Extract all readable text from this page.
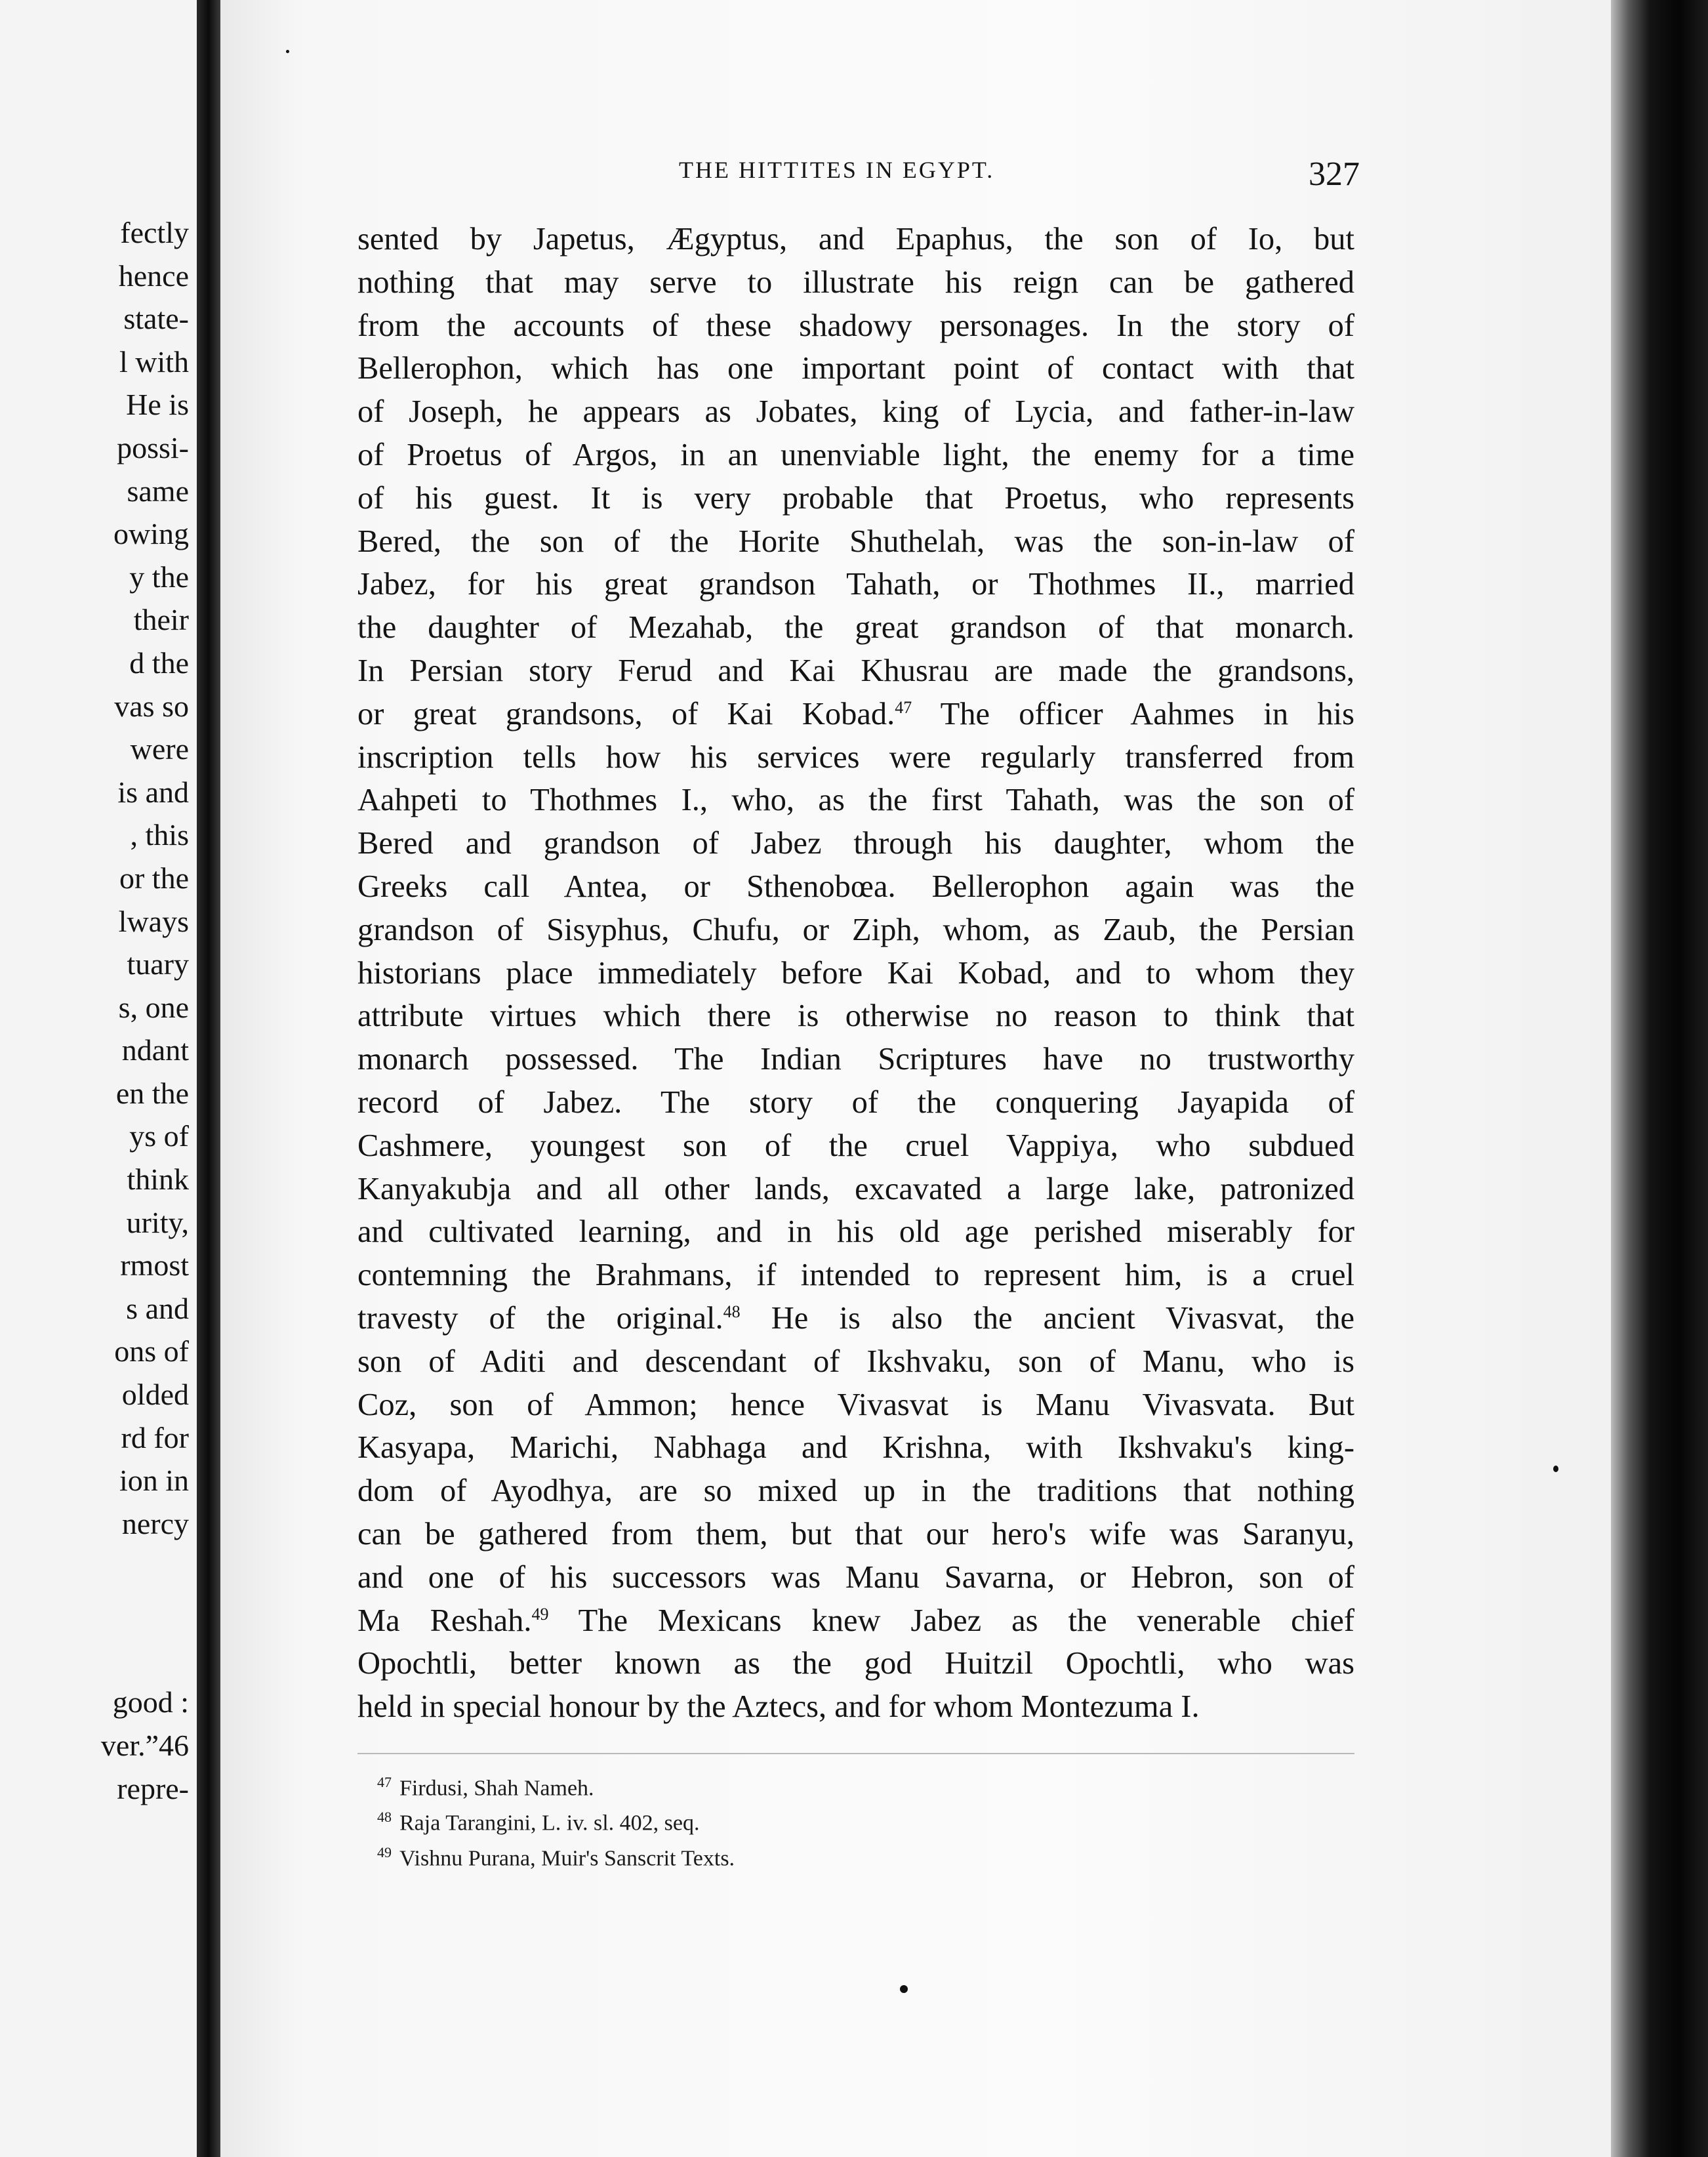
fectly
hence
state-
l with
He is
possi-
same
owing
y the
their
d the
vas so
were
is and
, this
or the
lways
tuary
s, one
ndant
en the
ys of
think
urity,
rmost
s and
ons of
olded
rd for
ion in
nercy
good :
ver.”46
repre-
THE HITTITES IN EGYPT.	327
sented by Japetus, Ægyptus, and Epaphus, the son of Io, but
nothing that may serve to illustrate his reign can be gathered
from the accounts of these shadowy personages. In the story of
Bellerophon, which has one important point of contact with that
of Joseph, he appears as Jobates, king of Lycia, and father-in-law
of Proetus of Argos, in an unenviable light, the enemy for a time
of his guest. It is very probable that Proetus, who represents
Bered, the son of the Horite Shuthelah, was the son-in-law of
Jabez, for his great grandson Tahath, or Thothmes II., married
the daughter of Mezahab, the great grandson of that monarch.
In Persian story Ferud and Kai Khusrau are made the grandsons,
or great grandsons, of Kai Kobad.$^{47}$ The officer Aahmes in his
inscription tells how his services were regularly transferred from
Aahpeti to Thothmes I., who, as the first Tahath, was the son of
Bered and grandson of Jabez through his daughter, whom the
Greeks call Antea, or Sthenobœa. Bellerophon again was the
grandson of Sisyphus, Chufu, or Ziph, whom, as Zaub, the Persian
historians place immediately before Kai Kobad, and to whom they
attribute virtues which there is otherwise no reason to think that
monarch possessed. The Indian Scriptures have no trustworthy
record of Jabez. The story of the conquering Jayapida of
Cashmere, youngest son of the cruel Vappiya, who subdued
Kanyakubja and all other lands, excavated a large lake, patronized
and cultivated learning, and in his old age perished miserably for
contemning the Brahmans, if intended to represent him, is a cruel
travesty of the original.$^{48}$ He is also the ancient Vivasvat, the
son of Aditi and descendant of Ikshvaku, son of Manu, who is
Coz, son of Ammon; hence Vivasvat is Manu Vivasvata. But
Kasyapa, Marichi, Nabhaga and Krishna, with Ikshvaku's king-
dom of Ayodhya, are so mixed up in the traditions that nothing
can be gathered from them, but that our hero's wife was Saranyu,
and one of his successors was Manu Savarna, or Hebron, son of
Ma Reshah.$^{49}$ The Mexicans knew Jabez as the venerable chief
Opochtli, better known as the god Huitzil Opochtli, who was
held in special honour by the Aztecs, and for whom Montezuma I.
$^{47}$ Firdusi, Shah Nameh.
$^{48}$ Raja Tarangini, L. iv. sl. 402, seq.
$^{49}$ Vishnu Purana, Muir's Sanscrit Texts.
